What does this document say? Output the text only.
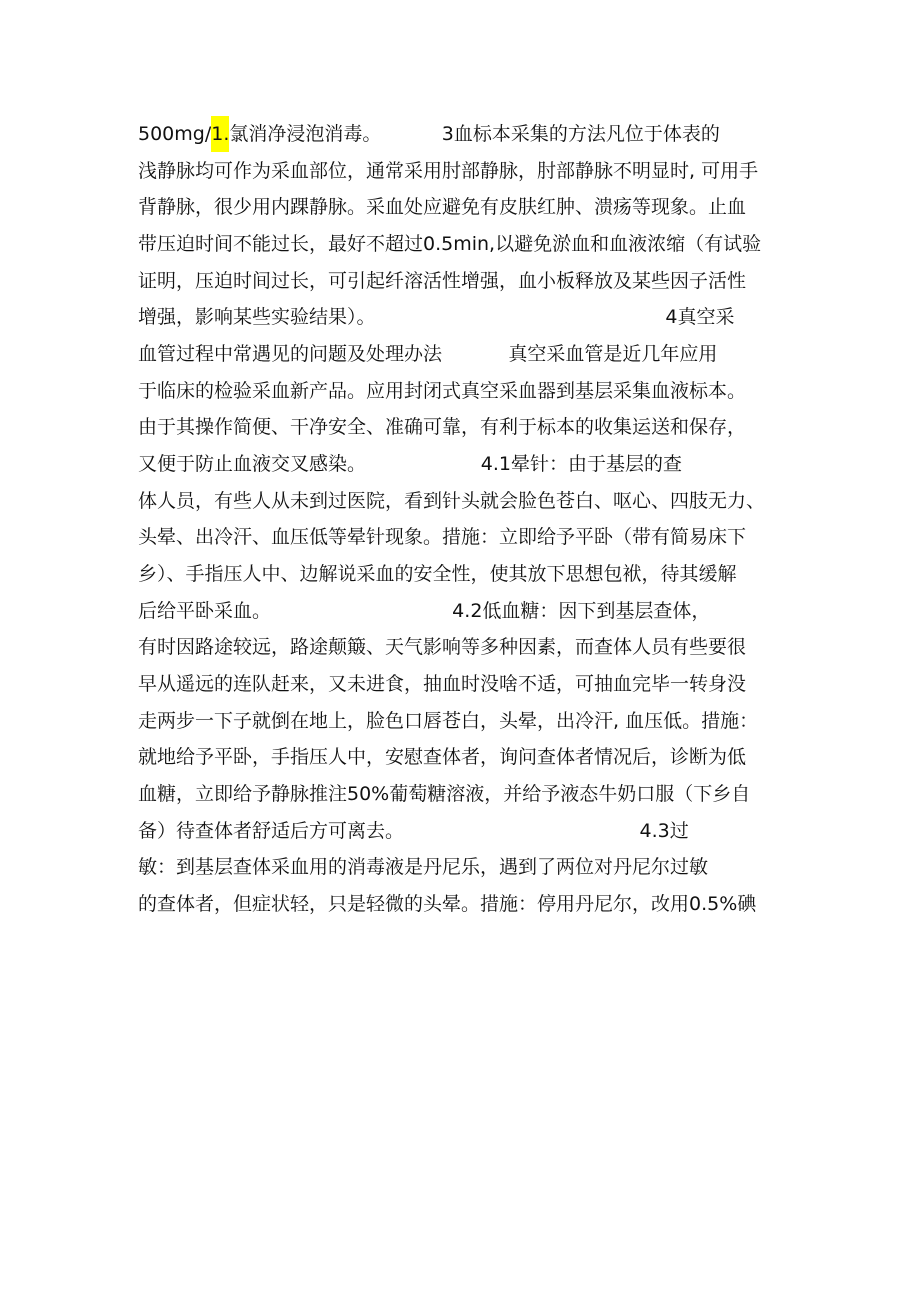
500mg/1.氯消净浸泡消毒。          3血标本采集的方法凡位于体表的
浅静脉均可作为采血部位，通常采用肘部静脉，肘部静脉不明显时, 可用手
背静脉，很少用内踝静脉。采血处应避免有皮肤红肿、溃疡等现象。止血
带压迫时间不能过长，最好不超过0.5min,以避免淤血和血液浓缩（有试验
证明，压迫时间过长，可引起纤溶活性增强，血小板释放及某些因子活性
增强，影响某些实验结果）。                                                4真空采
血管过程中常遇见的问题及处理办法           真空采血管是近几年应用
于临床的检验采血新产品。应用封闭式真空采血器到基层采集血液标本。
由于其操作简便、干净安全、准确可靠，有利于标本的收集运送和保存，
又便于防止血液交叉感染。                   4.1晕针：由于基层的查
体人员，有些人从未到过医院，看到针头就会脸色苍白、呕心、四肢无力、
头晕、出冷汗、血压低等晕针现象。措施：立即给予平卧（带有简易床下
乡）、手指压人中、边解说采血的安全性，使其放下思想包袱，待其缓解
后给平卧采血。                              4.2低血糖：因下到基层查体，
有时因路途较远，路途颠簸、天气影响等多种因素，而查体人员有些要很
早从遥远的连队赶来，又未进食，抽血时没啥不适，可抽血完毕一转身没
走两步一下子就倒在地上，脸色口唇苍白，头晕，出冷汗, 血压低。措施：
就地给予平卧，手指压人中，安慰查体者，询问查体者情况后，诊断为低
血糖，立即给予静脉推注50%葡萄糖溶液，并给予液态牛奶口服（下乡自
备）待查体者舒适后方可离去。                                       4.3过
敏：到基层查体采血用的消毒液是丹尼乐，遇到了两位对丹尼尔过敏
的查体者，但症状轻，只是轻微的头晕。措施：停用丹尼尔，改用0.5%碘
